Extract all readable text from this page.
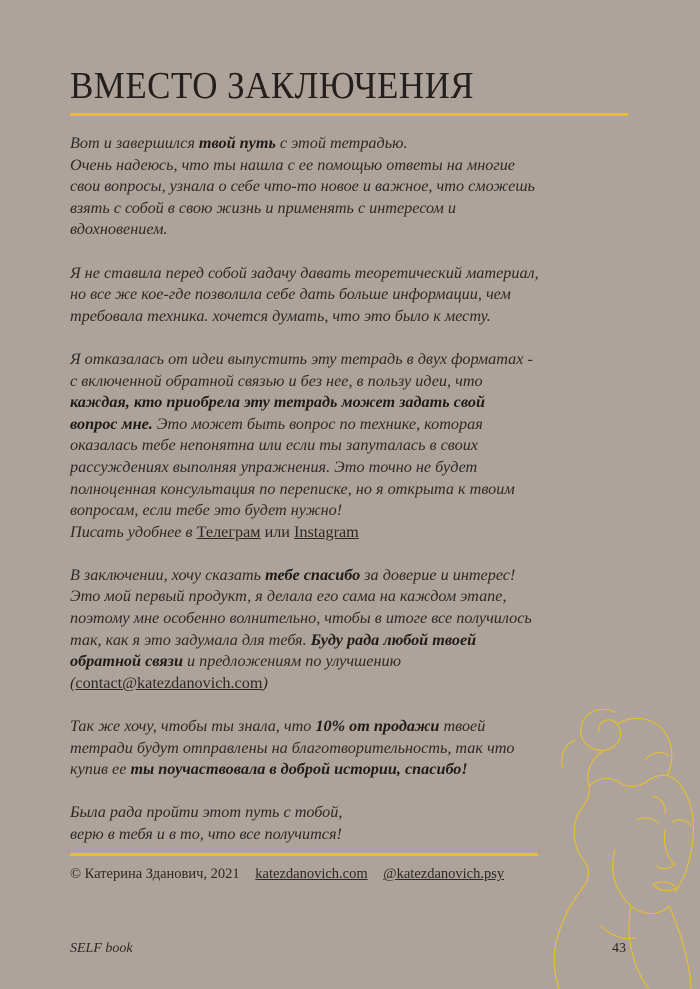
ВМЕСТО ЗАКЛЮЧЕНИЯ

Вот и завершился твой путь с этой тетрадью.
Очень надеюсь, что ты нашла с ее помощью ответы на многие
свои вопросы, узнала о себе что-то новое и важное, что сможешь
взять с собой в свою жизнь и применять с интересом и
вдохновением.

Я не ставила перед собой задачу давать теоретический материал,
но все же кое-где позволила себе дать больше информации, чем
требовала техника. хочется думать, что это было к месту.

Я отказалась от идеи выпустить эту тетрадь в двух форматах -
с включенной обратной связью и без нее, в пользу идеи, что
каждая, кто приобрела эту тетрадь может задать свой
вопрос мне. Это может быть вопрос по технике, которая
оказалась тебе непонятна или если ты запуталась в своих
рассуждениях выполняя упражнения. Это точно не будет
полноценная консультация по переписке, но я открыта к твоим
вопросам, если тебе это будет нужно!
Писать удобнее в Телеграм или Instagram

В заключении, хочу сказать тебе спасибо за доверие и интерес!
Это мой первый продукт, я делала его сама на каждом этапе,
поэтому мне особенно волнительно, чтобы в итоге все получилось
так, как я это задумала для тебя. Буду рада любой твоей
обратной связи и предложениям по улучшению
(contact@katezdanovich.com)

Так же хочу, чтобы ты знала, что 10% от продажи твоей
тетради будут отправлены на благотворительность, так что
купив ее ты поучаствовала в доброй истории, спасибо!

Была рада пройти этот путь с тобой,
верю в тебя и в то, что все получится!

© Катерина Зданович, 2021 katezdanovich.com @katezdanovich.psy
SELF book	43
